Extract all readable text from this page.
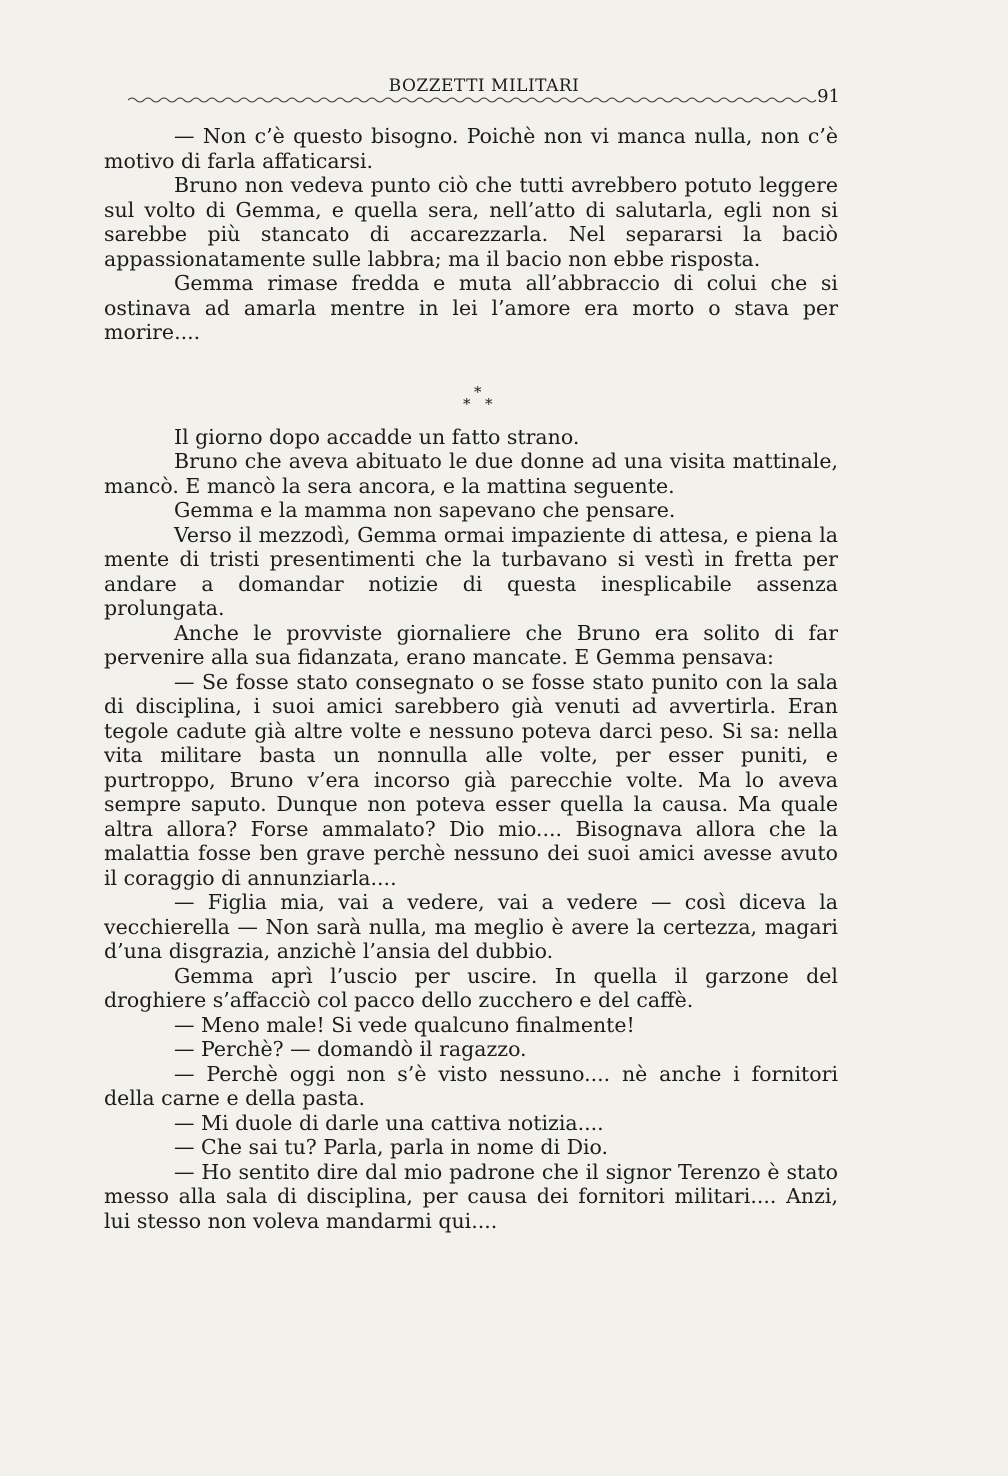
BOZZETTI MILITARI	91

— Non c’è questo bisogno. Poichè non vi manca nulla, non c’è motivo di farla affaticarsi.

Bruno non vedeva punto ciò che tutti avrebbero potuto leggere sul volto di Gemma, e quella sera, nell’atto di salutarla, egli non si sarebbe più stancato di accarezzarla. Nel separarsi la baciò appassionatamente sulle labbra; ma il bacio non ebbe risposta.

Gemma rimase fredda e muta all’abbraccio di colui che si ostinava ad amarla mentre in lei l’amore era morto o stava per morire....

*
* *

Il giorno dopo accadde un fatto strano.

Bruno che aveva abituato le due donne ad una visita mattinale, mancò. E mancò la sera ancora, e la mattina seguente.

Gemma e la mamma non sapevano che pensare.

Verso il mezzodì, Gemma ormai impaziente di attesa, e piena la mente di tristi presentimenti che la turbavano si vestì in fretta per andare a domandar notizie di questa inesplicabile assenza prolungata.

Anche le provviste giornaliere che Bruno era solito di far pervenire alla sua fidanzata, erano mancate. E Gemma pensava:

— Se fosse stato consegnato o se fosse stato punito con la sala di disciplina, i suoi amici sarebbero già venuti ad avvertirla. Eran tegole cadute già altre volte e nessuno poteva darci peso. Si sa: nella vita militare basta un nonnulla alle volte, per esser puniti, e purtroppo, Bruno v’era incorso già parecchie volte. Ma lo aveva sempre saputo. Dunque non poteva esser quella la causa. Ma quale altra allora? Forse ammalato? Dio mio.... Bisognava allora che la malattia fosse ben grave perchè nessuno dei suoi amici avesse avuto il coraggio di annunziarla....

— Figlia mia, vai a vedere, vai a vedere — così diceva la vecchierella — Non sarà nulla, ma meglio è avere la certezza, magari d’una disgrazia, anzichè l’ansia del dubbio.

Gemma aprì l’uscio per uscire. In quella il garzone del droghiere s’affacciò col pacco dello zucchero e del caffè.

— Meno male! Si vede qualcuno finalmente!

— Perchè? — domandò il ragazzo.

— Perchè oggi non s’è visto nessuno.... nè anche i fornitori della carne e della pasta.

— Mi duole di darle una cattiva notizia....

— Che sai tu? Parla, parla in nome di Dio.

— Ho sentito dire dal mio padrone che il signor Terenzo è stato messo alla sala di disciplina, per causa dei fornitori militari.... Anzi, lui stesso non voleva mandarmi qui....
